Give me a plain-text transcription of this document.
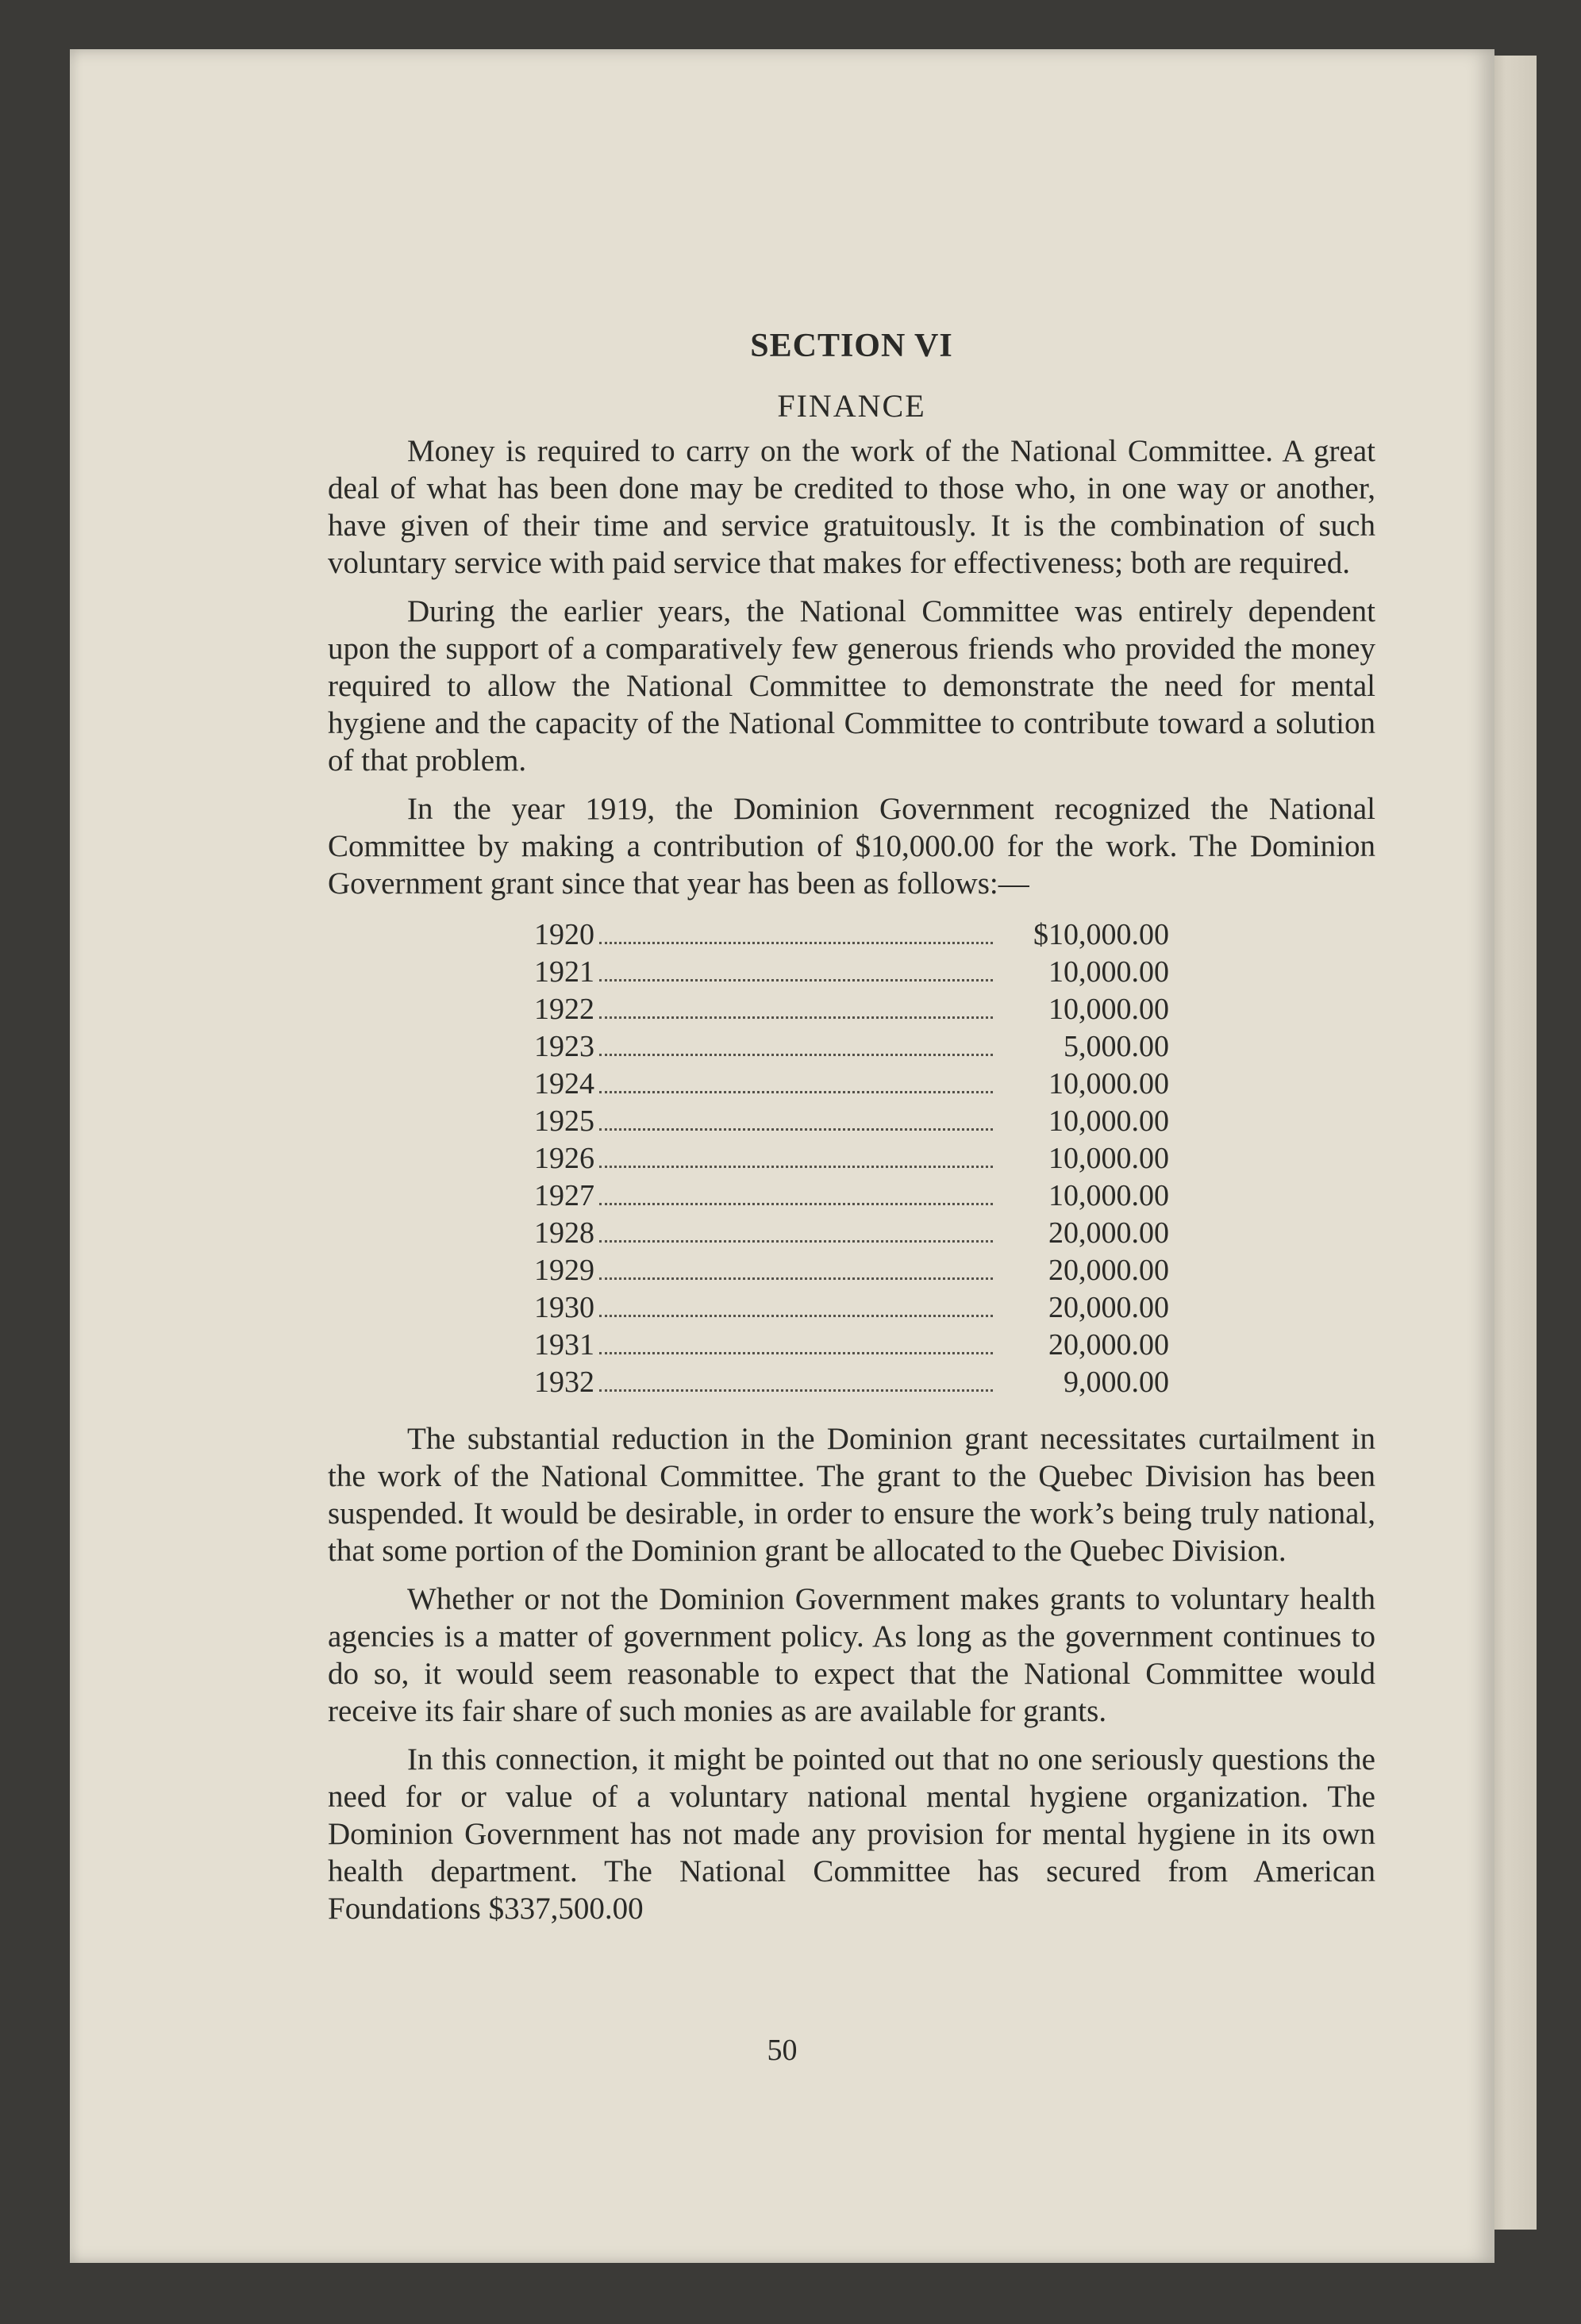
SECTION VI
FINANCE

Money is required to carry on the work of the National Committee. A great deal of what has been done may be credited to those who, in one way or another, have given of their time and service gratuitously. It is the combination of such voluntary service with paid service that makes for effectiveness; both are required.

During the earlier years, the National Committee was entirely dependent upon the support of a comparatively few generous friends who provided the money required to allow the National Committee to demonstrate the need for mental hygiene and the capacity of the National Committee to contribute toward a solution of that problem.

In the year 1919, the Dominion Government recognized the National Committee by making a contribution of $10,000.00 for the work. The Dominion Government grant since that year has been as follows:—

1920	$10,000.00
1921	10,000.00
1922	10,000.00
1923	5,000.00
1924	10,000.00
1925	10,000.00
1926	10,000.00
1927	10,000.00
1928	20,000.00
1929	20,000.00
1930	20,000.00
1931	20,000.00
1932	9,000.00

The substantial reduction in the Dominion grant necessitates curtailment in the work of the National Committee. The grant to the Quebec Division has been suspended. It would be desirable, in order to ensure the work’s being truly national, that some portion of the Dominion grant be allocated to the Quebec Division.

Whether or not the Dominion Government makes grants to voluntary health agencies is a matter of government policy. As long as the government continues to do so, it would seem reasonable to expect that the National Committee would receive its fair share of such monies as are available for grants.

In this connection, it might be pointed out that no one seriously questions the need for or value of a voluntary national mental hygiene organization. The Dominion Government has not made any provision for mental hygiene in its own health department. The National Committee has secured from American Foundations $337,500.00

50
